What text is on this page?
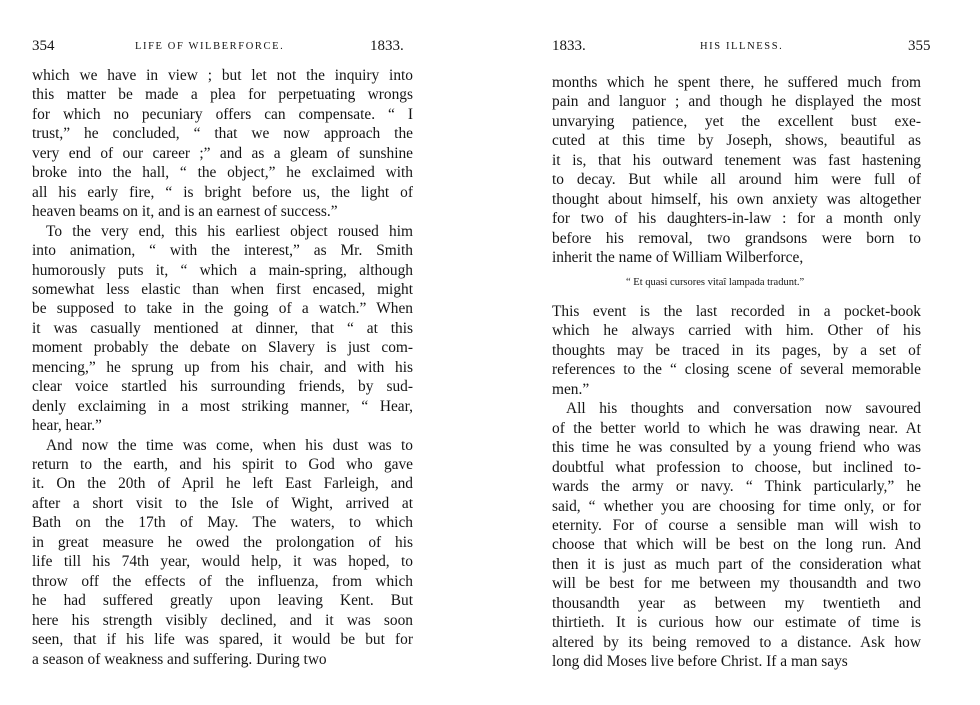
354	LIFE OF WILBERFORCE.	1833.
which we have in view ; but let not the inquiry into
this matter be made a plea for perpetuating wrongs
for which no pecuniary offers can compensate. “ I
trust,” he concluded, “ that we now approach the
very end of our career ;” and as a gleam of sunshine
broke into the hall, “ the object,” he exclaimed with
all his early fire, “ is bright before us, the light of
heaven beams on it, and is an earnest of success.”
To the very end, this his earliest object roused him
into animation, “ with the interest,” as Mr. Smith
humorously puts it, “ which a main-spring, although
somewhat less elastic than when first encased, might
be supposed to take in the going of a watch.” When
it was casually mentioned at dinner, that “ at this
moment probably the debate on Slavery is just com-
mencing,” he sprung up from his chair, and with his
clear voice startled his surrounding friends, by sud-
denly exclaiming in a most striking manner, “ Hear,
hear, hear.”
And now the time was come, when his dust was to
return to the earth, and his spirit to God who gave
it. On the 20th of April he left East Farleigh, and
after a short visit to the Isle of Wight, arrived at
Bath on the 17th of May. The waters, to which
in great measure he owed the prolongation of his
life till his 74th year, would help, it was hoped, to
throw off the effects of the influenza, from which
he had suffered greatly upon leaving Kent. But
here his strength visibly declined, and it was soon
seen, that if his life was spared, it would be but for
a season of weakness and suffering. During two
1833.	HIS ILLNESS.	355
months which he spent there, he suffered much from
pain and languor ; and though he displayed the most
unvarying patience, yet the excellent bust exe-
cuted at this time by Joseph, shows, beautiful as
it is, that his outward tenement was fast hastening
to decay. But while all around him were full of
thought about himself, his own anxiety was altogether
for two of his daughters-in-law : for a month only
before his removal, two grandsons were born to
inherit the name of William Wilberforce,
“ Et quasi cursores vitaî lampada tradunt.”
This event is the last recorded in a pocket-book
which he always carried with him. Other of his
thoughts may be traced in its pages, by a set of
references to the “ closing scene of several memorable
men.”
All his thoughts and conversation now savoured
of the better world to which he was drawing near. At
this time he was consulted by a young friend who was
doubtful what profession to choose, but inclined to-
wards the army or navy. “ Think particularly,” he
said, “ whether you are choosing for time only, or for
eternity. For of course a sensible man will wish to
choose that which will be best on the long run. And
then it is just as much part of the consideration what
will be best for me between my thousandth and two
thousandth year as between my twentieth and
thirtieth. It is curious how our estimate of time is
altered by its being removed to a distance. Ask how
long did Moses live before Christ. If a man says
